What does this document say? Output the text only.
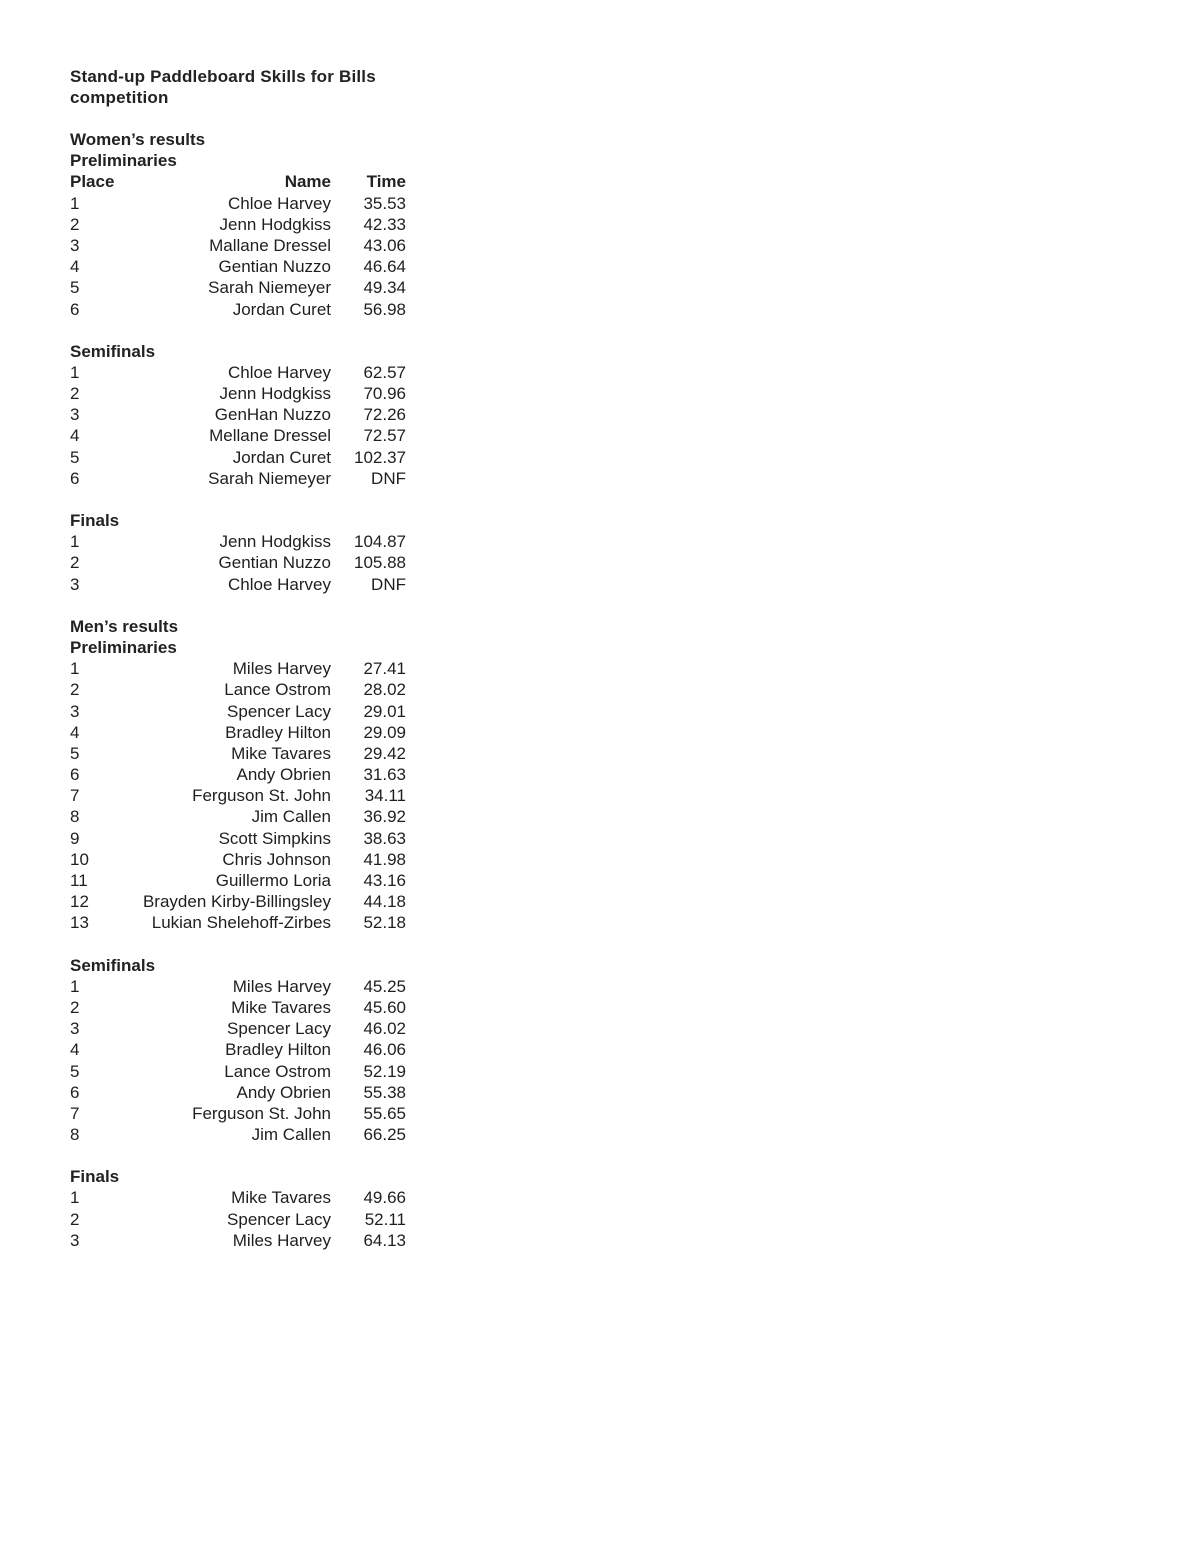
Stand-up Paddleboard Skills for Bills competition
Women’s results
Preliminaries
Place	Name	Time
1	Chloe Harvey	35.53
2	Jenn Hodgkiss	42.33
3	Mallane Dressel	43.06
4	Gentian Nuzzo	46.64
5	Sarah Niemeyer	49.34
6	Jordan Curet	56.98
Semifinals
1	Chloe Harvey	62.57
2	Jenn Hodgkiss	70.96
3	GenHan Nuzzo	72.26
4	Mellane Dressel	72.57
5	Jordan Curet	102.37
6	Sarah Niemeyer	DNF
Finals
1	Jenn Hodgkiss	104.87
2	Gentian Nuzzo	105.88
3	Chloe Harvey	DNF
Men’s results
Preliminaries
1	Miles Harvey	27.41
2	Lance Ostrom	28.02
3	Spencer Lacy	29.01
4	Bradley Hilton	29.09
5	Mike Tavares	29.42
6	Andy Obrien	31.63
7	Ferguson St. John	34.11
8	Jim Callen	36.92
9	Scott Simpkins	38.63
10	Chris Johnson	41.98
11	Guillermo Loria	43.16
12	Brayden Kirby-Billingsley	44.18
13	Lukian Shelehoff-Zirbes	52.18
Semifinals
1	Miles Harvey	45.25
2	Mike Tavares	45.60
3	Spencer Lacy	46.02
4	Bradley Hilton	46.06
5	Lance Ostrom	52.19
6	Andy Obrien	55.38
7	Ferguson St. John	55.65
8	Jim Callen	66.25
Finals
1	Mike Tavares	49.66
2	Spencer Lacy	52.11
3	Miles Harvey	64.13
